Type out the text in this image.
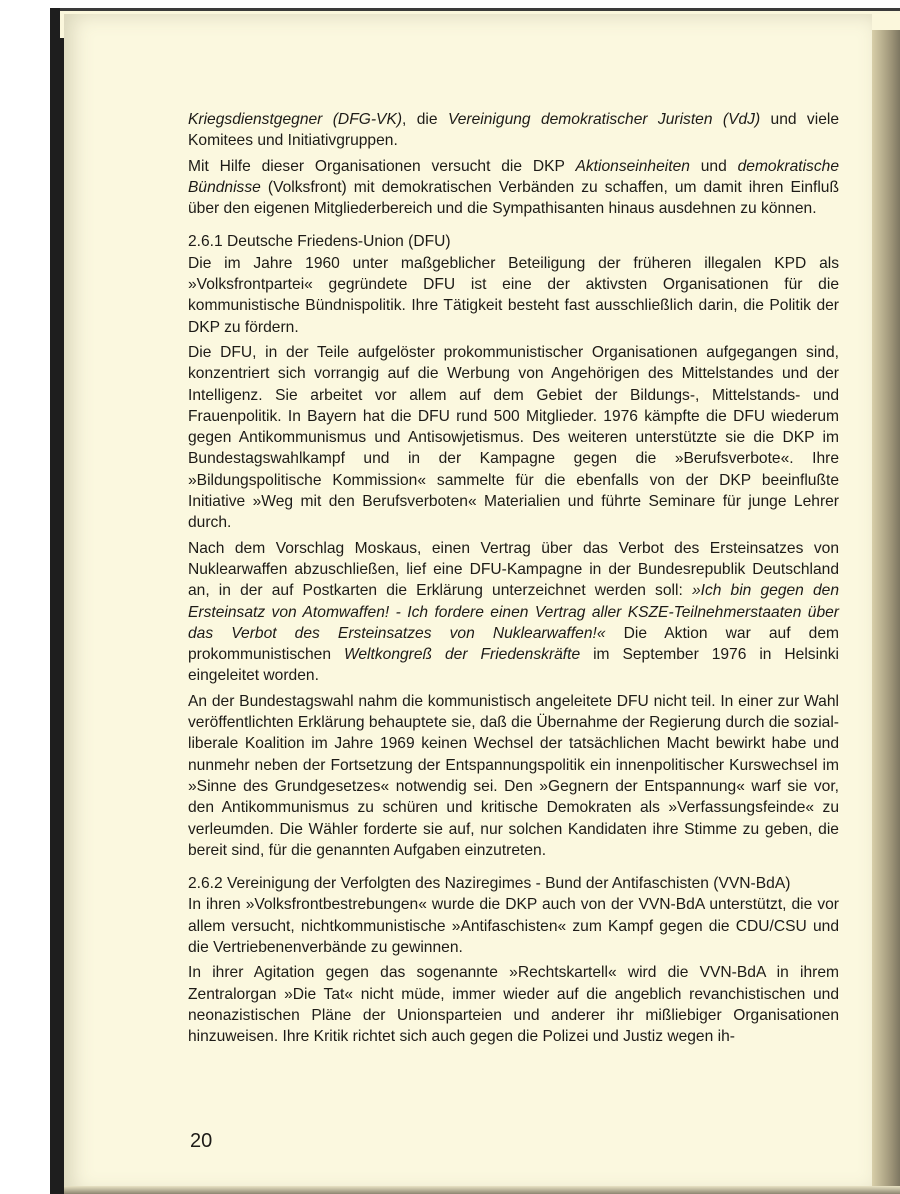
Kriegsdienstgegner (DFG-VK), die Vereinigung demokratischer Juristen (VdJ) und viele Komitees und Initiativgruppen.

Mit Hilfe dieser Organisationen versucht die DKP Aktionseinheiten und demokratische Bündnisse (Volksfront) mit demokratischen Verbänden zu schaffen, um damit ihren Einfluß über den eigenen Mitgliederbereich und die Sympathisanten hinaus ausdehnen zu können.

2.6.1 Deutsche Friedens-Union (DFU)

Die im Jahre 1960 unter maßgeblicher Beteiligung der früheren illegalen KPD als »Volksfrontpartei« gegründete DFU ist eine der aktivsten Organisationen für die kommunistische Bündnispolitik. Ihre Tätigkeit besteht fast ausschließlich darin, die Politik der DKP zu fördern.

Die DFU, in der Teile aufgelöster prokommunistischer Organisationen aufgegangen sind, konzentriert sich vorrangig auf die Werbung von Angehörigen des Mittelstandes und der Intelligenz. Sie arbeitet vor allem auf dem Gebiet der Bildungs-, Mittelstands- und Frauenpolitik. In Bayern hat die DFU rund 500 Mitglieder. 1976 kämpfte die DFU wiederum gegen Antikommunismus und Antisowjetismus. Des weiteren unterstützte sie die DKP im Bundestagswahlkampf und in der Kampagne gegen die »Berufsverbote«. Ihre »Bildungspolitische Kommission« sammelte für die ebenfalls von der DKP beeinflußte Initiative »Weg mit den Berufsverboten« Materialien und führte Seminare für junge Lehrer durch.

Nach dem Vorschlag Moskaus, einen Vertrag über das Verbot des Ersteinsatzes von Nuklearwaffen abzuschließen, lief eine DFU-Kampagne in der Bundesrepublik Deutschland an, in der auf Postkarten die Erklärung unterzeichnet werden soll: »Ich bin gegen den Ersteinsatz von Atomwaffen! - Ich fordere einen Vertrag aller KSZE-Teilnehmerstaaten über das Verbot des Ersteinsatzes von Nuklearwaffen!« Die Aktion war auf dem prokommunistischen Weltkongreß der Friedenskräfte im September 1976 in Helsinki eingeleitet worden.

An der Bundestagswahl nahm die kommunistisch angeleitete DFU nicht teil. In einer zur Wahl veröffentlichten Erklärung behauptete sie, daß die Übernahme der Regierung durch die sozial-liberale Koalition im Jahre 1969 keinen Wechsel der tatsächlichen Macht bewirkt habe und nunmehr neben der Fortsetzung der Entspannungspolitik ein innenpolitischer Kurswechsel im »Sinne des Grundgesetzes« notwendig sei. Den »Gegnern der Entspannung« warf sie vor, den Antikommunismus zu schüren und kritische Demokraten als »Verfassungsfeinde« zu verleumden. Die Wähler forderte sie auf, nur solchen Kandidaten ihre Stimme zu geben, die bereit sind, für die genannten Aufgaben einzutreten.

2.6.2 Vereinigung der Verfolgten des Naziregimes - Bund der Antifaschisten (VVN-BdA)

In ihren »Volksfrontbestrebungen« wurde die DKP auch von der VVN-BdA unterstützt, die vor allem versucht, nichtkommunistische »Antifaschisten« zum Kampf gegen die CDU/CSU und die Vertriebenenverbände zu gewinnen.

In ihrer Agitation gegen das sogenannte »Rechtskartell« wird die VVN-BdA in ihrem Zentralorgan »Die Tat« nicht müde, immer wieder auf die angeblich revanchistischen und neonazistischen Pläne der Unionsparteien und anderer ihr mißliebiger Organisationen hinzuweisen. Ihre Kritik richtet sich auch gegen die Polizei und Justiz wegen ih-

20
